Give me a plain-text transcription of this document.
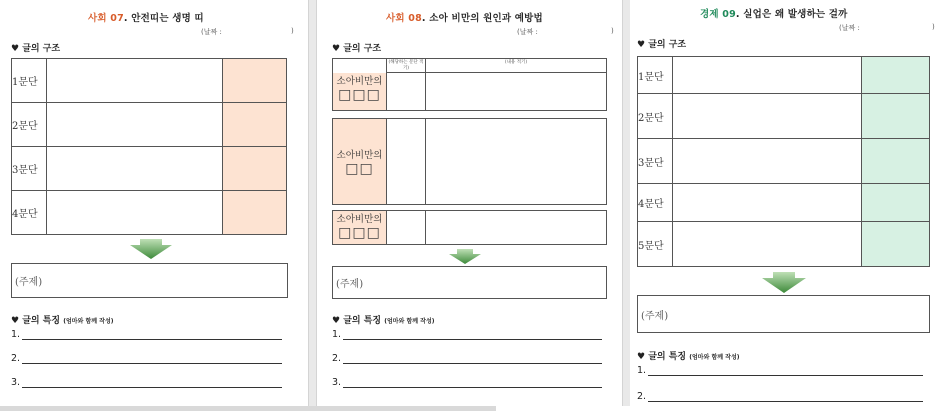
사회 07. 안전띠는 생명 띠
(날짜 :	)
♥ 글의 구조
1문단		
2문단		
3문단		
4문단		
(주제)
♥ 글의 특징 (엄마와 함께 작성)
1.
2.
3.
사회 08. 소아 비만의 원인과 예방법
(날짜 :	)
♥ 글의 구조
	(해당하는 문단 적기)	(내용 적기)

소아비만의
□□□		

소아비만의
□□

소아비만의
□□□

(주제)
♥ 글의 특징 (엄마와 함께 작성)
1.
2.
3.
경제 09. 실업은 왜 발생하는 걸까
(날짜 :	)
♥ 글의 구조
1문단		
2문단		
3문단		
4문단		
5문단		
(주제)
♥ 글의 특징 (엄마와 함께 작성)
1.
2.
